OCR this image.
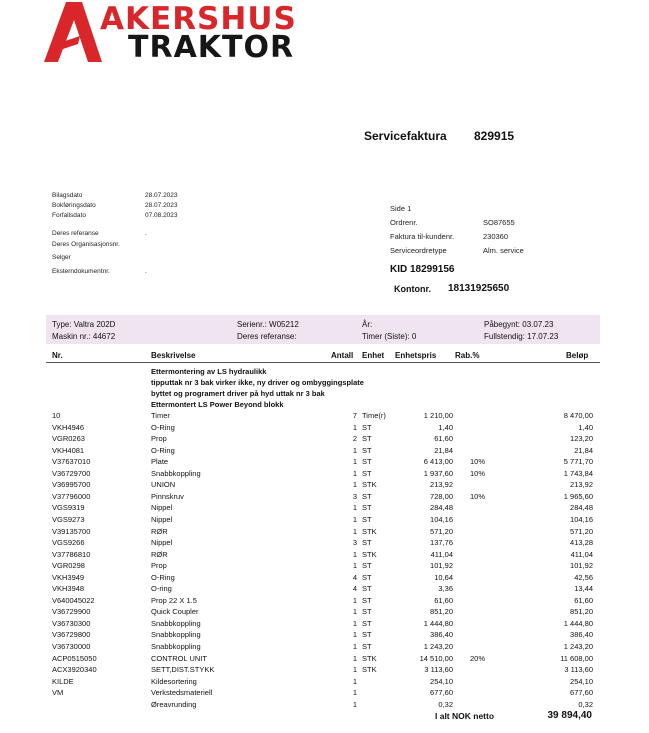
AKERSHUS
TRAKTOR
Servicefaktura 829915
Bilagsdato	28.07.2023
Bokføringsdato	28.07.2023
Forfallsdato	07.08.2023
Deres referanse	.
Deres Organisasjonsnr.
Selger
Eksterndokumentnr.	.
Side 1
Ordrenr.	SO87655
Faktura til-kundenr.	230360
Serviceordretype	Alm. service
KID 18299156
Kontonr. 18131925650
Type: Valtra 202D
Maskin nr.: 44672
Serienr.: W05212
Deres referanse:
År:
Timer (Siste): 0
Påbegynt: 03.07.23
Fullstendig: 17.07.23
Nr.	Beskrivelse	Antall Enhet Enhetspris Rab.%	Beløp
Ettermontering av LS hydraulikk
tipputtak nr 3 bak virker ikke, ny driver og ombyggingsplate
byttet og programert driver på hyd uttak nr 3 bak
Ettermontert LS Power Beyond blokk
10	Timer	7 Time(r)	1 210,00	8 470,00
VKH4946	O-Ring	1 ST	1,40	1,40
VGR0263	Prop	2 ST	61,60	123,20
VKH4081	O-Ring	1 ST	21,84	21,84
V37637010	Plate	1 ST	6 413,00 10%	5 771,70
V36729700	Snabbkoppling	1 ST	1 937,60 10%	1 743,84
V36995700	UNION	1 STK	213,92	213,92
V37796000	Pinnskruv	3 ST	728,00 10%	1 965,60
VGS9319	Nippel	1 ST	284,48	284,48
VGS9273	Nippel	1 ST	104,16	104,16
V39135700	RØR	1 STK	571,20	571,20
VGS9266	Nippel	3 ST	137,76	413,28
V37786810	RØR	1 STK	411,04	411,04
VGR0298	Prop	1 ST	101,92	101,92
VKH3949	O-Ring	4 ST	10,64	42,56
VKH3948	O-ring	4 ST	3,36	13,44
V640045022	Prop 22 X 1.5	1 ST	61,60	61,60
V36729900	Quick Coupler	1 ST	851,20	851,20
V36730300	Snabbkoppling	1 ST	1 444,80	1 444,80
V36729800	Snabbkoppling	1 ST	386,40	386,40
V36730000	Snabbkoppling	1 ST	1 243,20	1 243,20
ACP0515050	CONTROL UNIT	1 STK	14 510,00 20%	11 608,00
ACX3920340	SETT,DIST.STYKK	1 STK	3 113,60	3 113,60
KILDE	Kildesortering	1	254,10	254,10
VM	Verkstedsmateriell	1	677,60	677,60
Øreavrunding	1	0,32	0,32
I alt NOK netto	39 894,40
